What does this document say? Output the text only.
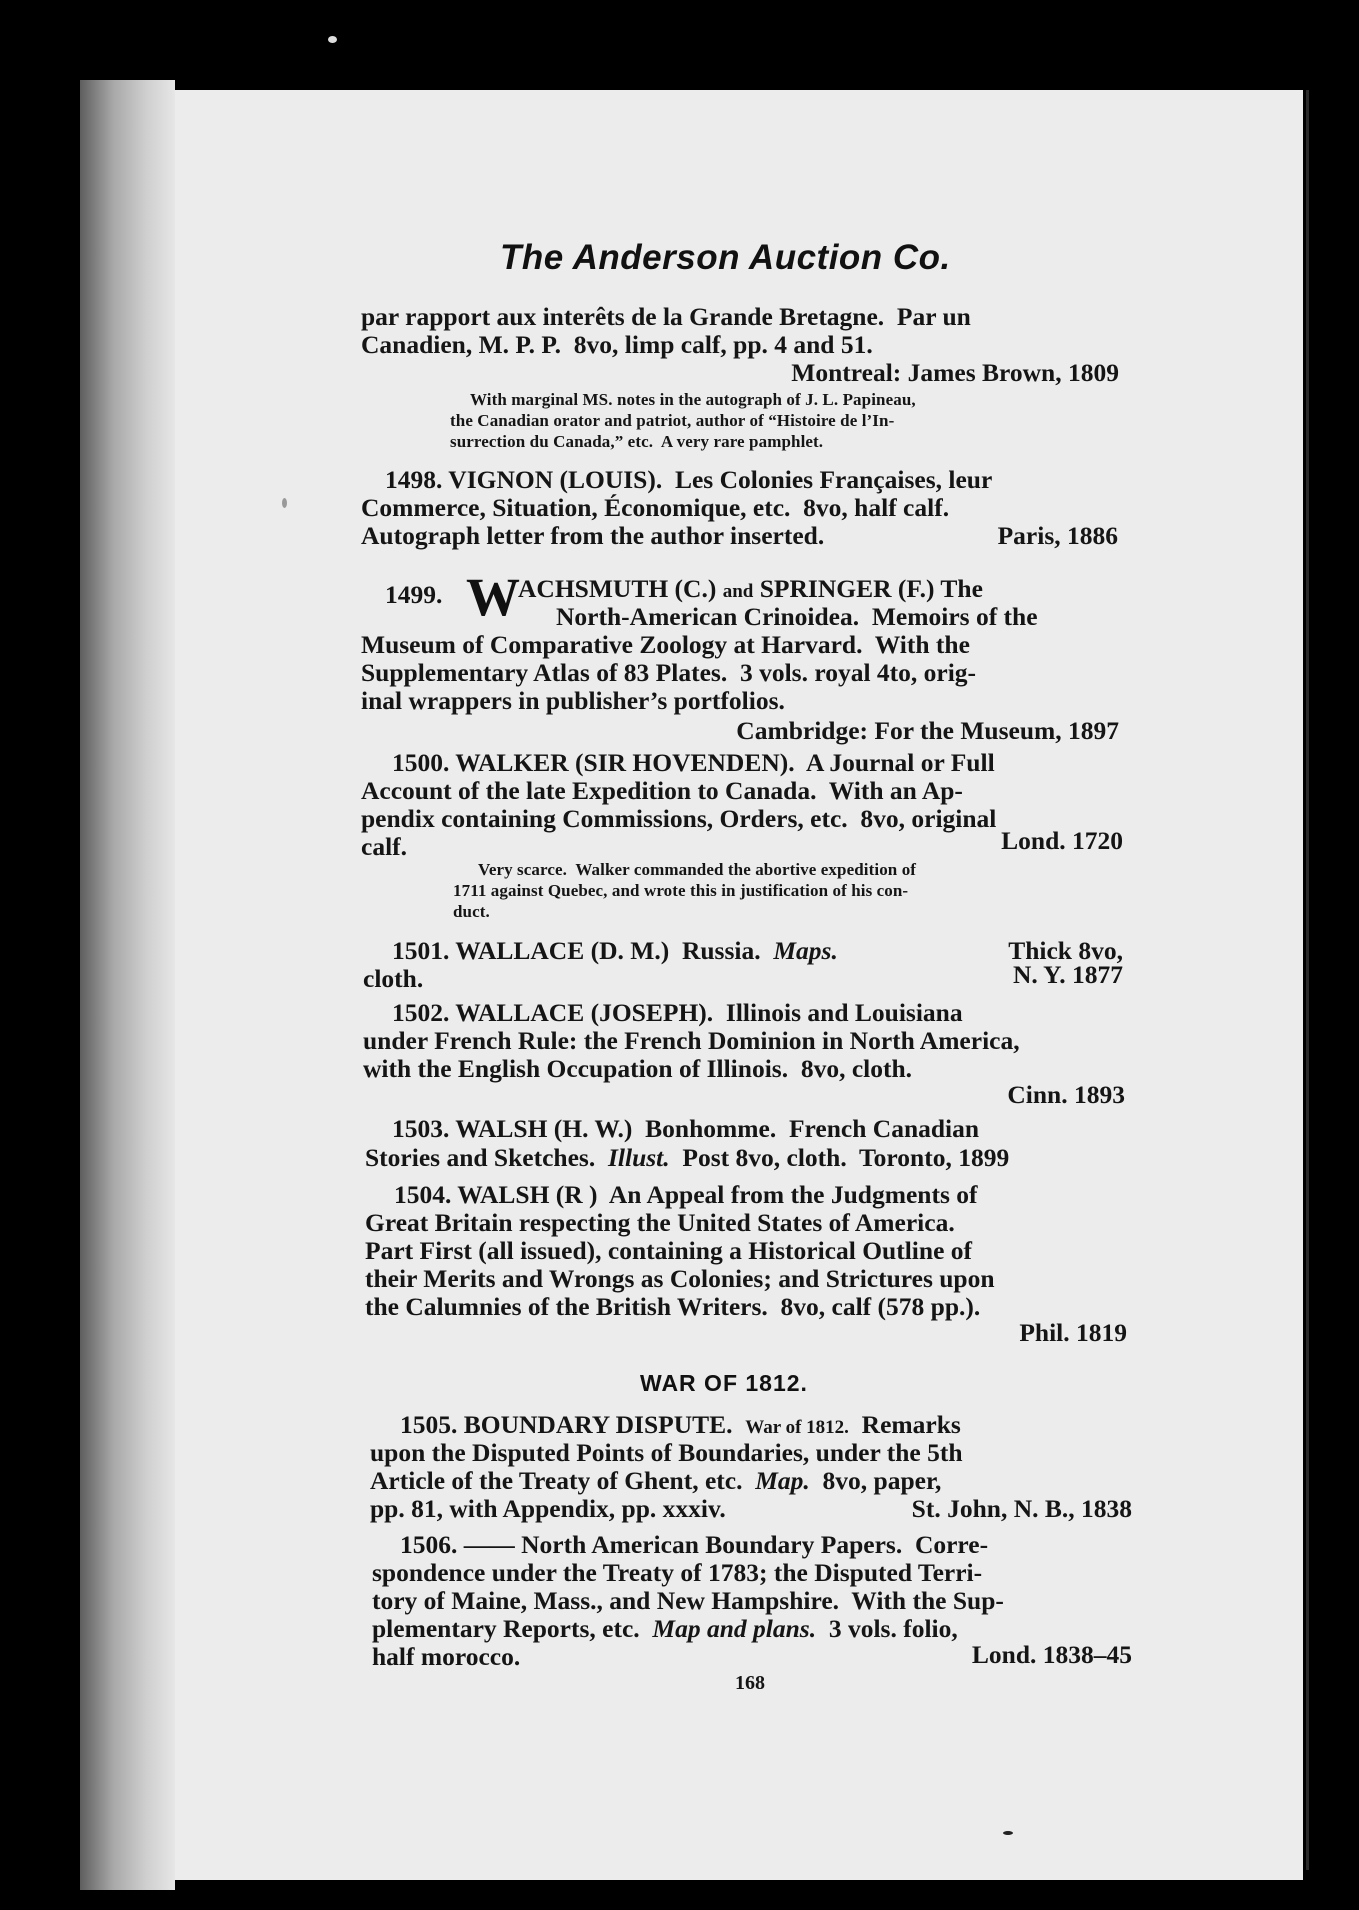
The Anderson Auction Co.
par rapport aux interêts de la Grande Bretagne.  Par un
Canadien, M. P. P.  8vo, limp calf, pp. 4 and 51.
Montreal: James Brown, 1809
With marginal MS. notes in the autograph of J. L. Papineau,
the Canadian orator and patriot, author of “Histoire de l’In-
surrection du Canada,” etc.  A very rare pamphlet.
1498. VIGNON (LOUIS).  Les Colonies Françaises, leur
Commerce, Situation, Économique, etc.  8vo, half calf.
Autograph letter from the author inserted.	Paris, 1886
1499. W
ACHSMUTH (C.) and SPRINGER (F.) The
North-American Crinoidea.  Memoirs of the
Museum of Comparative Zoology at Harvard.  With the
Supplementary Atlas of 83 Plates.  3 vols. royal 4to, orig-
inal wrappers in publisher’s portfolios.
Cambridge: For the Museum, 1897
1500. WALKER (SIR HOVENDEN).  A Journal or Full
Account of the late Expedition to Canada.  With an Ap-
pendix containing Commissions, Orders, etc.  8vo, original
calf.	Lond. 1720
Very scarce.  Walker commanded the abortive expedition of
1711 against Quebec, and wrote this in justification of his con-
duct.
1501. WALLACE (D. M.)  Russia. Maps.	Thick 8vo,
cloth.	N. Y. 1877
1502. WALLACE (JOSEPH).  Illinois and Louisiana
under French Rule: the French Dominion in North America,
with the English Occupation of Illinois.  8vo, cloth.
Cinn. 1893
1503. WALSH (H. W.)  Bonhomme.  French Canadian
Stories and Sketches. Illust. Post 8vo, cloth.  Toronto, 1899
1504. WALSH (R )  An Appeal from the Judgments of
Great Britain respecting the United States of America.
Part First (all issued), containing a Historical Outline of
their Merits and Wrongs as Colonies; and Strictures upon
the Calumnies of the British Writers.  8vo, calf (578 pp.).
Phil. 1819
WAR OF 1812.
1505. BOUNDARY DISPUTE. War of 1812. Remarks
upon the Disputed Points of Boundaries, under the 5th
Article of the Treaty of Ghent, etc. Map. 8vo, paper,
pp. 81, with Appendix, pp. xxxiv.	St. John, N. B., 1838
1506. —— North American Boundary Papers.  Corre-
spondence under the Treaty of 1783; the Disputed Terri-
tory of Maine, Mass., and New Hampshire.  With the Sup-
plementary Reports, etc. Map and plans. 3 vols. folio,
half morocco.	Lond. 1838–45
168
